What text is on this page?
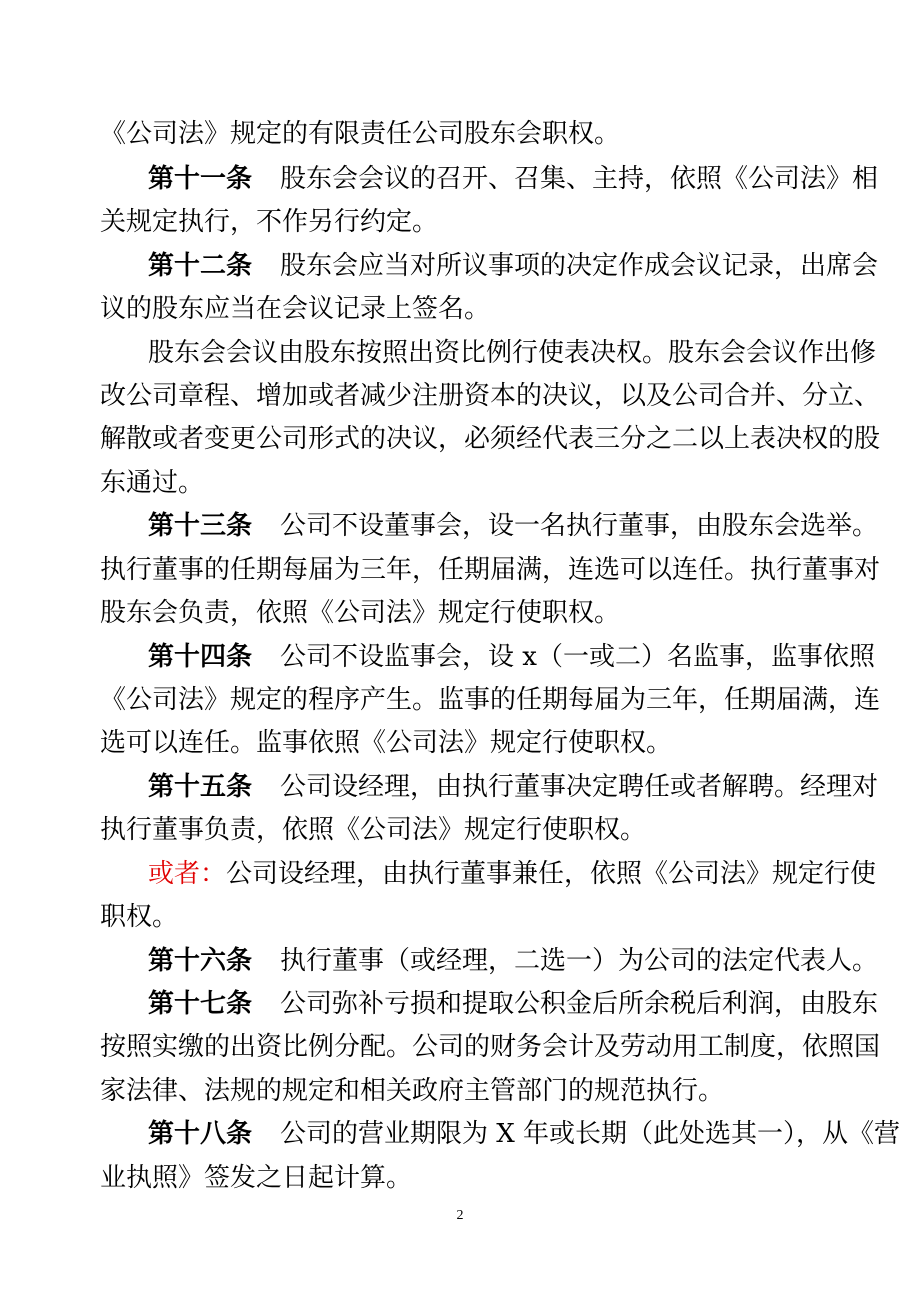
《公司法》规定的有限责任公司股东会职权。
第十一条 股东会会议的召开、召集、主持，依照《公司法》相
关规定执行，不作另行约定。
第十二条 股东会应当对所议事项的决定作成会议记录，出席会
议的股东应当在会议记录上签名。
股东会会议由股东按照出资比例行使表决权。股东会会议作出修
改公司章程、增加或者减少注册资本的决议，以及公司合并、分立、
解散或者变更公司形式的决议，必须经代表三分之二以上表决权的股
东通过。
第十三条 公司不设董事会，设一名执行董事，由股东会选举。
执行董事的任期每届为三年，任期届满，连选可以连任。执行董事对
股东会负责，依照《公司法》规定行使职权。
第十四条 公司不设监事会，设 x（一或二）名监事，监事依照
《公司法》规定的程序产生。监事的任期每届为三年，任期届满，连
选可以连任。监事依照《公司法》规定行使职权。
第十五条 公司设经理，由执行董事决定聘任或者解聘。经理对
执行董事负责，依照《公司法》规定行使职权。
或者：公司设经理，由执行董事兼任，依照《公司法》规定行使
职权。
第十六条 执行董事（或经理，二选一）为公司的法定代表人。
第十七条 公司弥补亏损和提取公积金后所余税后利润，由股东
按照实缴的出资比例分配。公司的财务会计及劳动用工制度，依照国
家法律、法规的规定和相关政府主管部门的规范执行。
第十八条 公司的营业期限为 X 年或长期（此处选其一），从《营
业执照》签发之日起计算。
2
